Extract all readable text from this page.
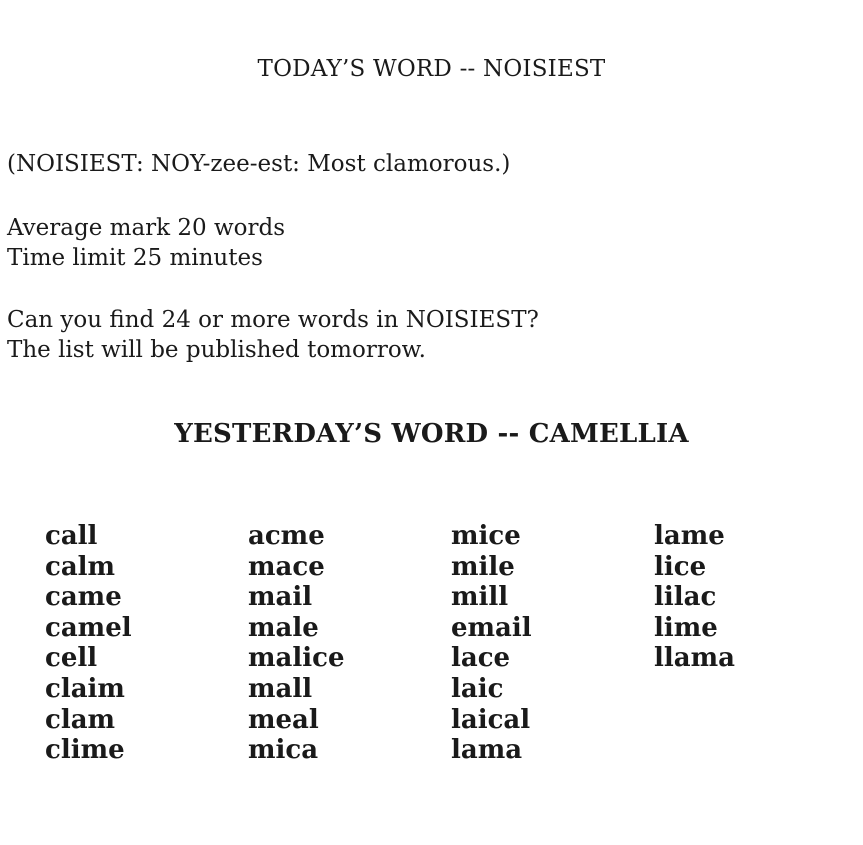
TODAY’S WORD -- NOISIEST
(NOISIEST: NOY-zee-est: Most clamorous.)
Average mark 20 words
Time limit 25 minutes
Can you find 24 or more words in NOISIEST?
The list will be published tomorrow.
YESTERDAY’S WORD -- CAMELLIA
call
calm
came
camel
cell
claim
clam
clime
acme
mace
mail
male
malice
mall
meal
mica
mice
mile
mill
email
lace
laic
laical
lama
lame
lice
lilac
lime
llama
